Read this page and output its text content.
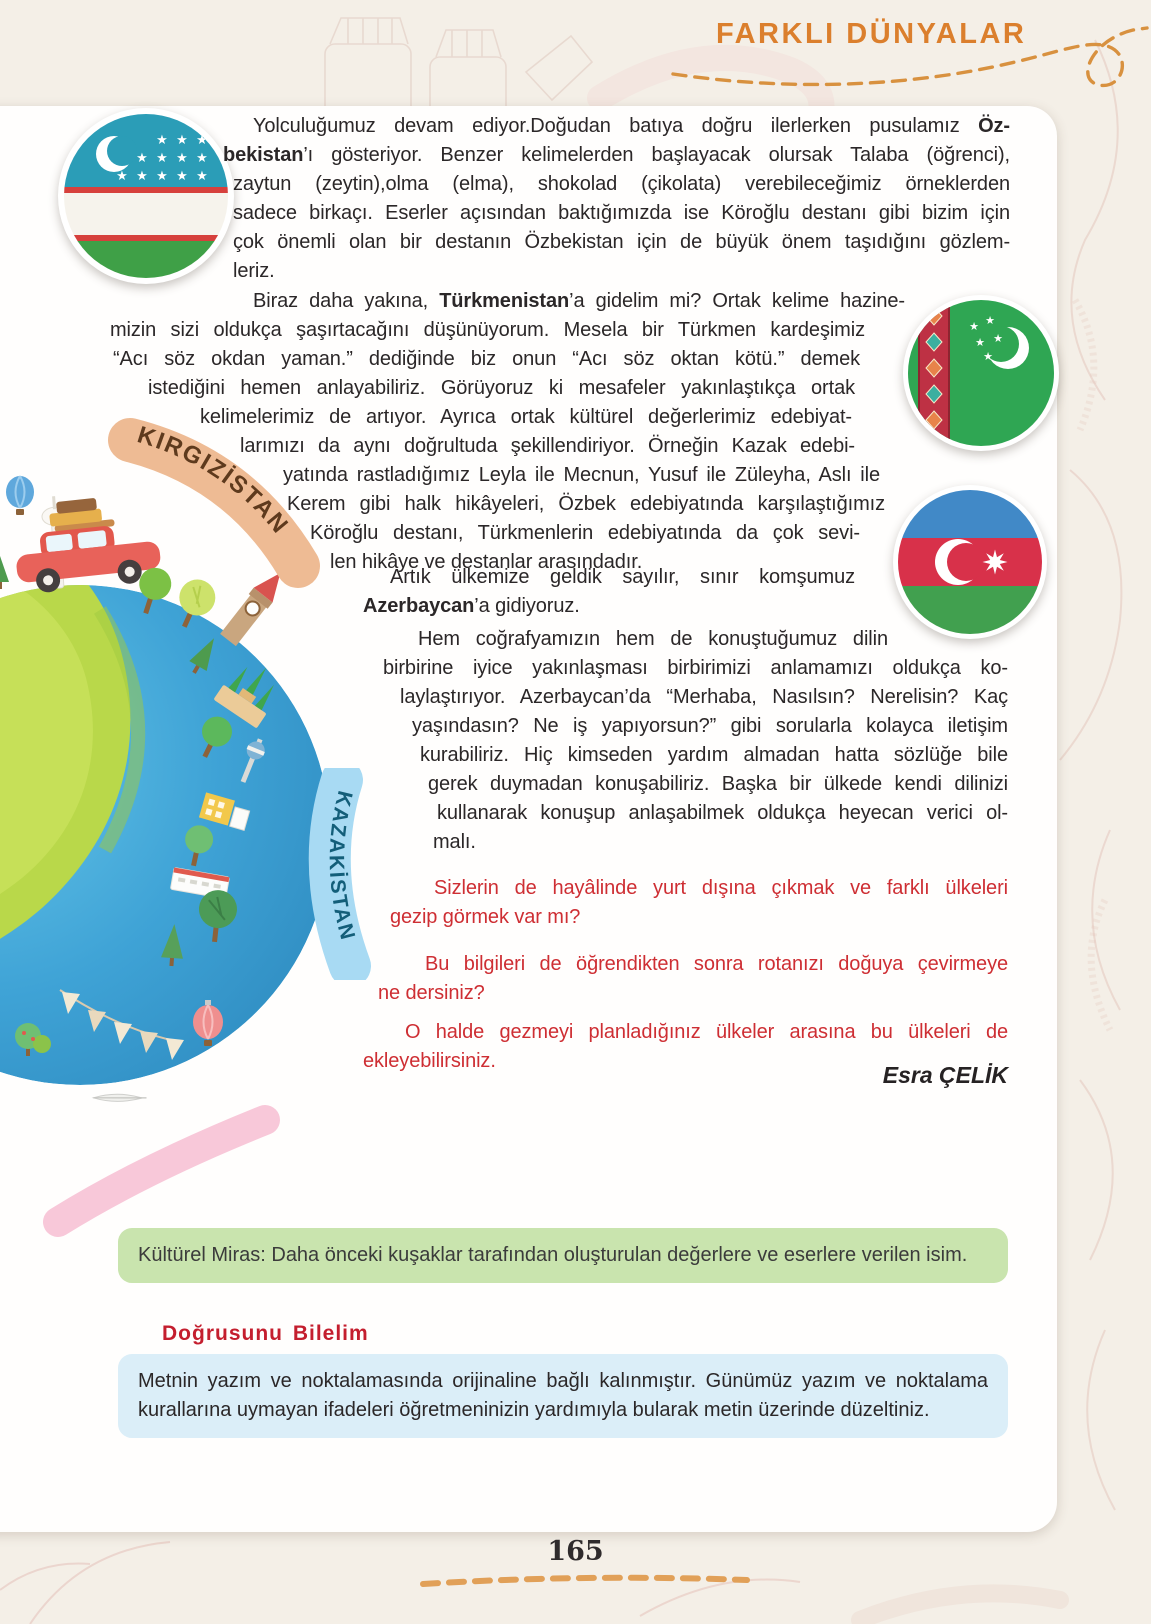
FARKLI DÜNYALAR
KIRGIZİSTAN
KAZAKİSTAN
★ ★ ★
★ ★ ★ ★
★ ★ ★ ★ ★
★ ★
★ ★
★
Yolculuğumuz devam ediyor.Doğudan batıya doğru ilerlerken pusulamız Öz-
bekistan’ı gösteriyor. Benzer kelimelerden başlayacak olursak Talaba (öğrenci),
zaytun (zeytin),olma (elma), shokolad (çikolata) verebileceğimiz örneklerden
sadece birkaçı. Eserler açısından baktığımızda ise Köroğlu destanı gibi bizim için
çok önemli olan bir destanın Özbekistan için de büyük önem taşıdığını gözlem-
leriz.
Biraz daha yakına, Türkmenistan’a gidelim mi? Ortak kelime hazine-
mizin sizi oldukça şaşırtacağını düşünüyorum. Mesela bir Türkmen kardeşimiz
“Acı söz okdan yaman.” dediğinde biz onun “Acı söz oktan kötü.” demek
istediğini hemen anlayabiliriz. Görüyoruz ki mesafeler yakınlaştıkça ortak
kelimelerimiz de artıyor. Ayrıca ortak kültürel değerlerimiz edebiyat-
larımızı da aynı doğrultuda şekillendiriyor. Örneğin Kazak edebi-
yatında rastladığımız Leyla ile Mecnun, Yusuf ile Züleyha, Aslı ile
Kerem gibi halk hikâyeleri, Özbek edebiyatında karşılaştığımız
Köroğlu destanı, Türkmenlerin edebiyatında da çok sevi-
len hikâye ve destanlar arasındadır.
Artık ülkemize geldik sayılır, sınır komşumuz
Azerbaycan’a gidiyoruz.
Hem coğrafyamızın hem de konuştuğumuz dilin
birbirine iyice yakınlaşması birbirimizi anlamamızı oldukça ko-
laylaştırıyor. Azerbaycan’da “Merhaba, Nasılsın? Nerelisin? Kaç
yaşındasın? Ne iş yapıyorsun?” gibi sorularla kolayca iletişim
kurabiliriz. Hiç kimseden yardım almadan hatta sözlüğe bile
gerek duymadan konuşabiliriz. Başka bir ülkede kendi dilinizi
kullanarak konuşup anlaşabilmek oldukça heyecan verici ol-
malı.
Sizlerin de hayâlinde yurt dışına çıkmak ve farklı ülkeleri
gezip görmek var mı?
Bu bilgileri de öğrendikten sonra rotanızı doğuya çevirmeye
ne dersiniz?
O halde gezmeyi planladığınız ülkeler arasına bu ülkeleri de
ekleyebilirsiniz.
Esra ÇELİK
Kültürel Miras: Daha önceki kuşaklar tarafından oluşturulan değerlere ve eserlere verilen isim.
Doğrusunu Bilelim
Metnin yazım ve noktalamasında orijinaline bağlı kalınmıştır. Günümüz yazım ve noktalama kurallarına uymayan ifadeleri öğretmeninizin yardımıyla bularak metin üzerinde düzeltiniz.
165
